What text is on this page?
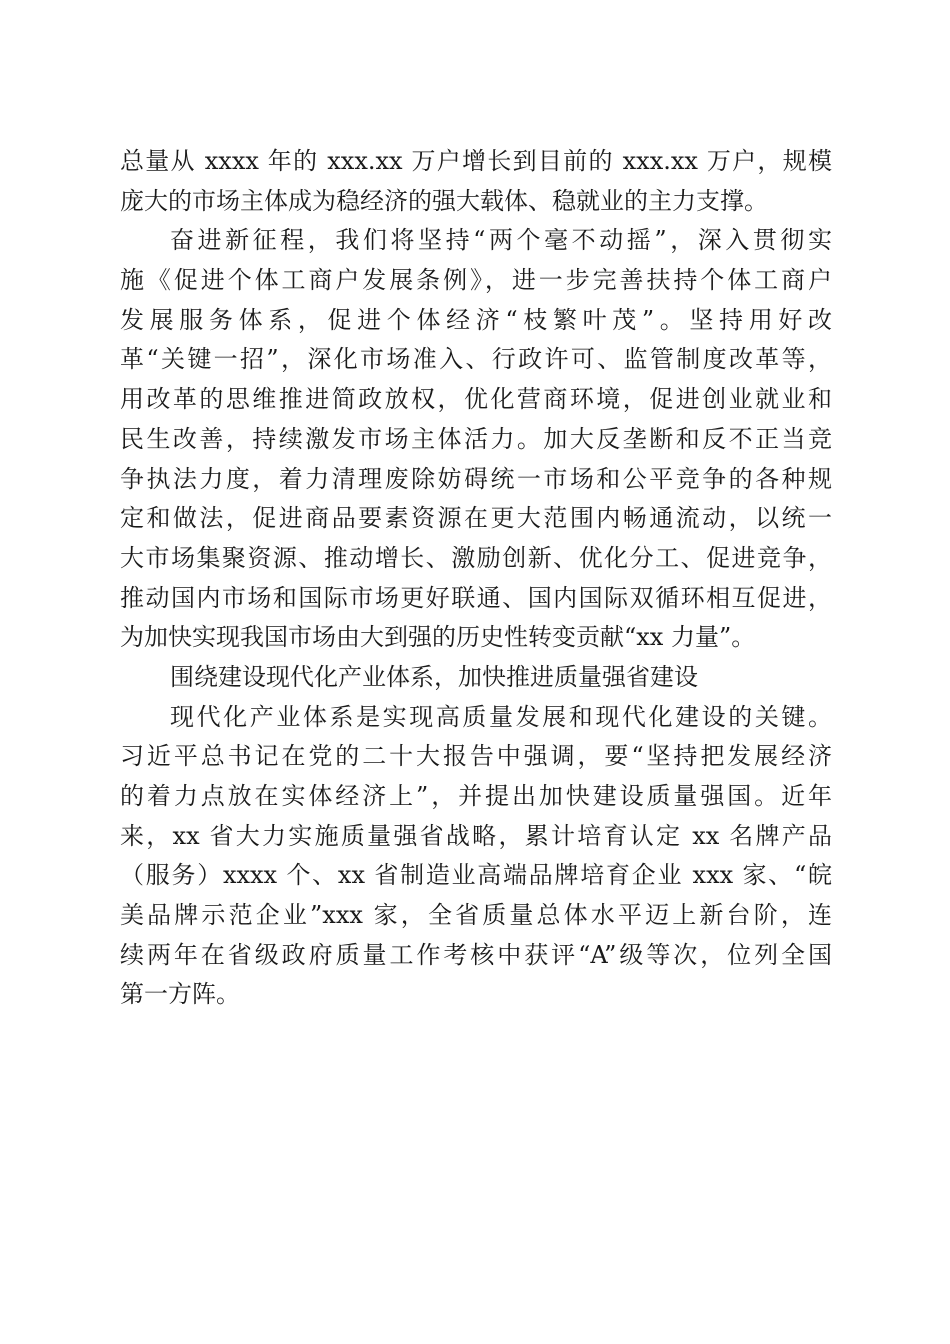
总量从 xxxx 年的 xxx.xx 万户增长到目前的 xxx.xx 万户，规模
庞大的市场主体成为稳经济的强大载体、稳就业的主力支撑。
奋进新征程，我们将坚持“两个毫不动摇”，深入贯彻实
施《促进个体工商户发展条例》，进一步完善扶持个体工商户
发展服务体系，促进个体经济“枝繁叶茂”。坚持用好改
革“关键一招”，深化市场准入、行政许可、监管制度改革等，
用改革的思维推进简政放权，优化营商环境，促进创业就业和
民生改善，持续激发市场主体活力。加大反垄断和反不正当竞
争执法力度，着力清理废除妨碍统一市场和公平竞争的各种规
定和做法，促进商品要素资源在更大范围内畅通流动，以统一
大市场集聚资源、推动增长、激励创新、优化分工、促进竞争，
推动国内市场和国际市场更好联通、国内国际双循环相互促进，
为加快实现我国市场由大到强的历史性转变贡献“xx 力量”。
围绕建设现代化产业体系，加快推进质量强省建设
现代化产业体系是实现高质量发展和现代化建设的关键。
习近平总书记在党的二十大报告中强调，要“坚持把发展经济
的着力点放在实体经济上”，并提出加快建设质量强国。近年
来，xx 省大力实施质量强省战略，累计培育认定 xx 名牌产品
（服务）xxxx 个、xx 省制造业高端品牌培育企业 xxx 家、“皖
美品牌示范企业”xxx 家，全省质量总体水平迈上新台阶，连
续两年在省级政府质量工作考核中获评“A”级等次，位列全国
第一方阵。
